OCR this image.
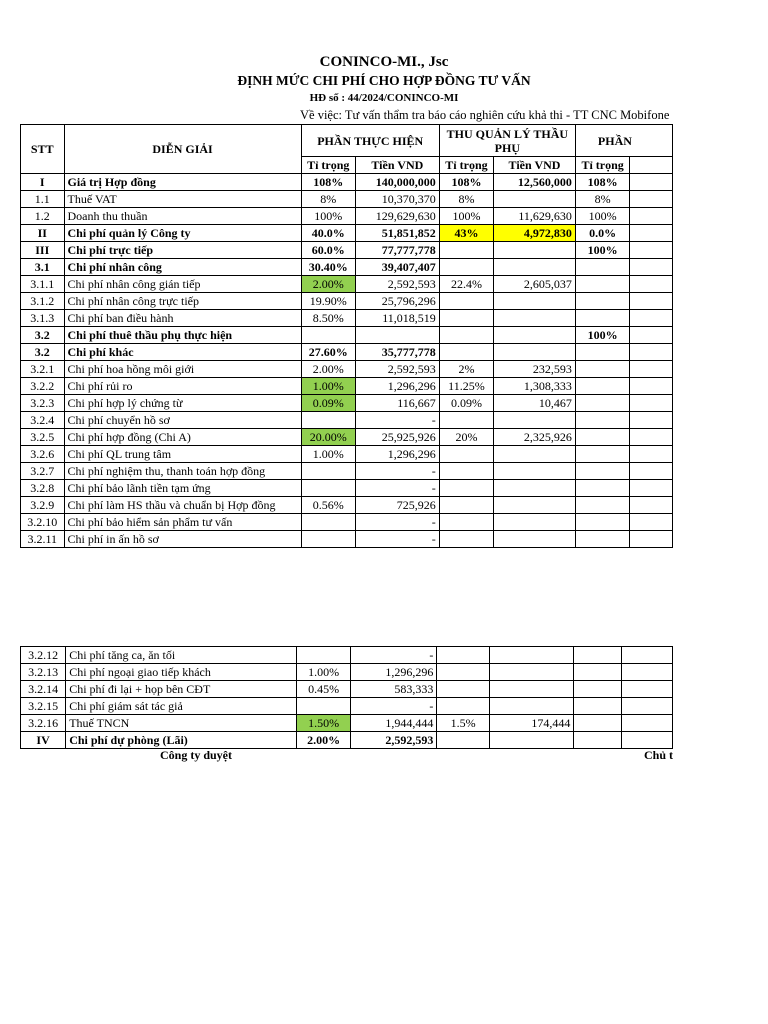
CONINCO-MI., Jsc
ĐỊNH MỨC CHI PHÍ CHO HỢP ĐỒNG TƯ VẤN
HĐ số : 44/2024/CONINCO-MI
Về việc: Tư vấn thẩm tra báo cáo nghiên cứu khả thi - TT CNC Mobifone
STT	DIỄN GIẢI	PHẦN THỰC HIỆN		THU QUẢN LÝ THẦU PHỤ		PHẦN	
		Tỉ trọng	Tiền VND	Tỉ trọng	Tiền VND	Tỉ trọng	
I	Giá trị Hợp đồng	108%	140,000,000	108%	12,560,000	108%	
1.1	Thuế VAT	8%	10,370,370	8%		8%	
1.2	Doanh thu thuần	100%	129,629,630	100%	11,629,630	100%	
II	Chi phí quản lý Công ty	40.0%	51,851,852	43%	4,972,830	0.0%	
III	Chi phí trực tiếp	60.0%	77,777,778			100%	
3.1	Chi phí nhân công	30.40%	39,407,407				
3.1.1	Chi phí nhân công gián tiếp	2.00%	2,592,593	22.4%	2,605,037		
3.1.2	Chi phí nhân công trực tiếp	19.90%	25,796,296				
3.1.3	Chi phí ban điều hành	8.50%	11,018,519				
3.2	Chi phí thuê thầu phụ thực hiện					100%	
3.2	Chi phí khác	27.60%	35,777,778				
3.2.1	Chi phí hoa hồng môi giới	2.00%	2,592,593	2%	232,593		
3.2.2	Chi phí rủi ro	1.00%	1,296,296	11.25%	1,308,333		
3.2.3	Chi phí hợp lý chứng từ	0.09%	116,667	0.09%	10,467		
3.2.4	Chi phí chuyển hồ sơ		-				
3.2.5	Chi phí hợp đồng (Chi A)	20.00%	25,925,926	20%	2,325,926		
3.2.6	Chi phí QL trung tâm	1.00%	1,296,296				
3.2.7	Chi phí nghiệm thu, thanh toán hợp đồng		-				
3.2.8	Chi phí bảo lãnh tiền tạm ứng		-				
3.2.9	Chi phí làm HS thầu và chuẩn bị Hợp đồng	0.56%	725,926				
3.2.10	Chi phí bảo hiểm sản phẩm tư vấn		-				
3.2.11	Chi phí in ấn hồ sơ		-				
3.2.12	Chi phí tăng ca, ăn tối		-				
3.2.13	Chi phí ngoại giao tiếp khách	1.00%	1,296,296				
3.2.14	Chi phí đi lại + họp bên CĐT	0.45%	583,333				
3.2.15	Chi phí giám sát tác giả		-				
3.2.16	Thuế TNCN	1.50%	1,944,444	1.5%	174,444		
IV	Chi phí dự phòng (Lãi)	2.00%	2,592,593				
Công ty duyệt	Chủ t
